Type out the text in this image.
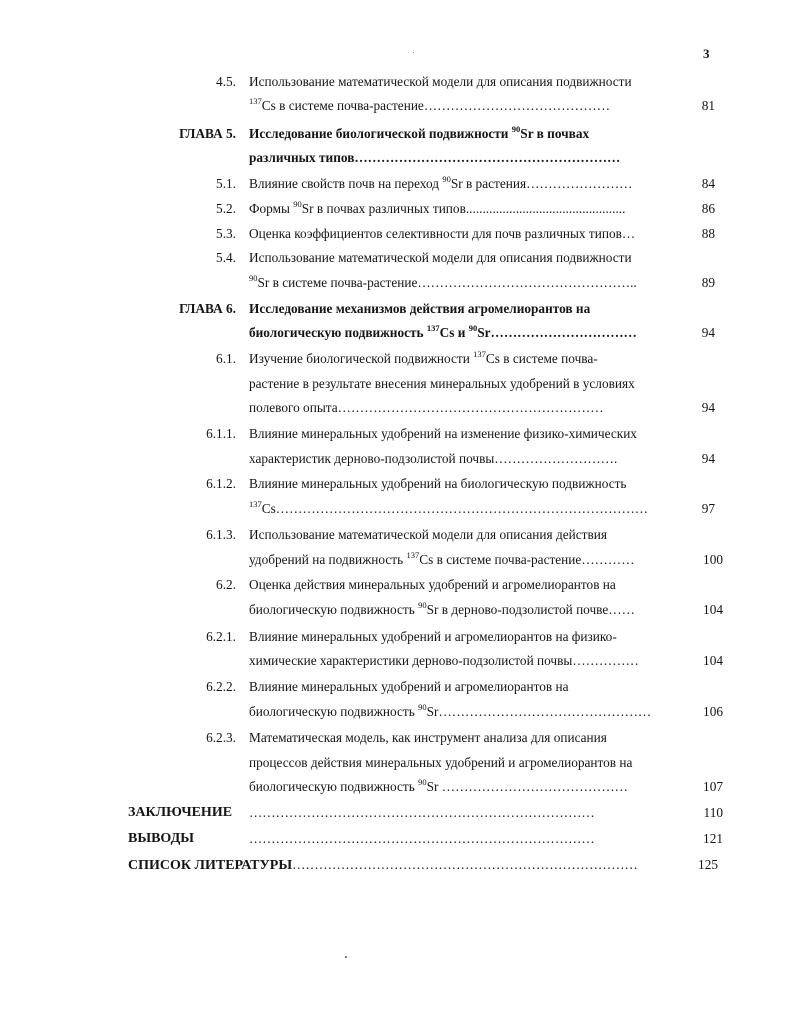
3
4.5. Использование математической модели для описания подвижности
$^{137}$Cs в системе почва-растение……………………………………	81
ГЛАВА 5. Исследование биологической подвижности $^{90}$Sr в почвах
различных типов……………………………………………………
5.1. Влияние свойств почв на переход $^{90}$Sr в растения……………………	84
5.2. Формы $^{90}$Sr в почвах различных типов................................................	86
5.3. Оценка коэффициентов селективности для почв различных типов…	88
5.4. Использование математической модели для описания подвижности
$^{90}$Sr в системе почва-растение…………………………………………..	89
ГЛАВА 6. Исследование механизмов действия агромелиорантов на
биологическую подвижность $^{137}$Cs и $^{90}$Sr……………………………	94
6.1. Изучение биологической подвижности $^{137}$Cs в системе почва-
растение в результате внесения минеральных удобрений в условиях
полевого опыта……………………………………………………	94
6.1.1. Влияние минеральных удобрений на изменение физико-химических
характеристик дерново-подзолистой почвы……………………….	94
6.1.2. Влияние минеральных удобрений на биологическую подвижность
$^{137}$Cs…………………………………………………………………………	97
6.1.3. Использование математической модели для описания действия
удобрений на подвижность $^{137}$Cs в системе почва-растение…………	100
6.2. Оценка действия минеральных удобрений и агромелиорантов на
биологическую подвижность $^{90}$Sr в дерново-подзолистой почве……	104
6.2.1. Влияние минеральных удобрений и агромелиорантов на физико-
химические характеристики дерново-подзолистой почвы……………	104
6.2.2. Влияние минеральных удобрений и агромелиорантов на
биологическую подвижность $^{90}$Sr…………………………………………	106
6.2.3. Математическая модель, как инструмент анализа для описания
процессов действия минеральных удобрений и агромелиорантов на
биологическую подвижность $^{90}$Sr ……………………………………	107
ЗАКЛЮЧЕНИЕ ……………………………………………………………………	110
ВЫВОДЫ	……………………………………………………………………	121
СПИСОК ЛИТЕРАТУРЫ……………………………………………………………………	125
